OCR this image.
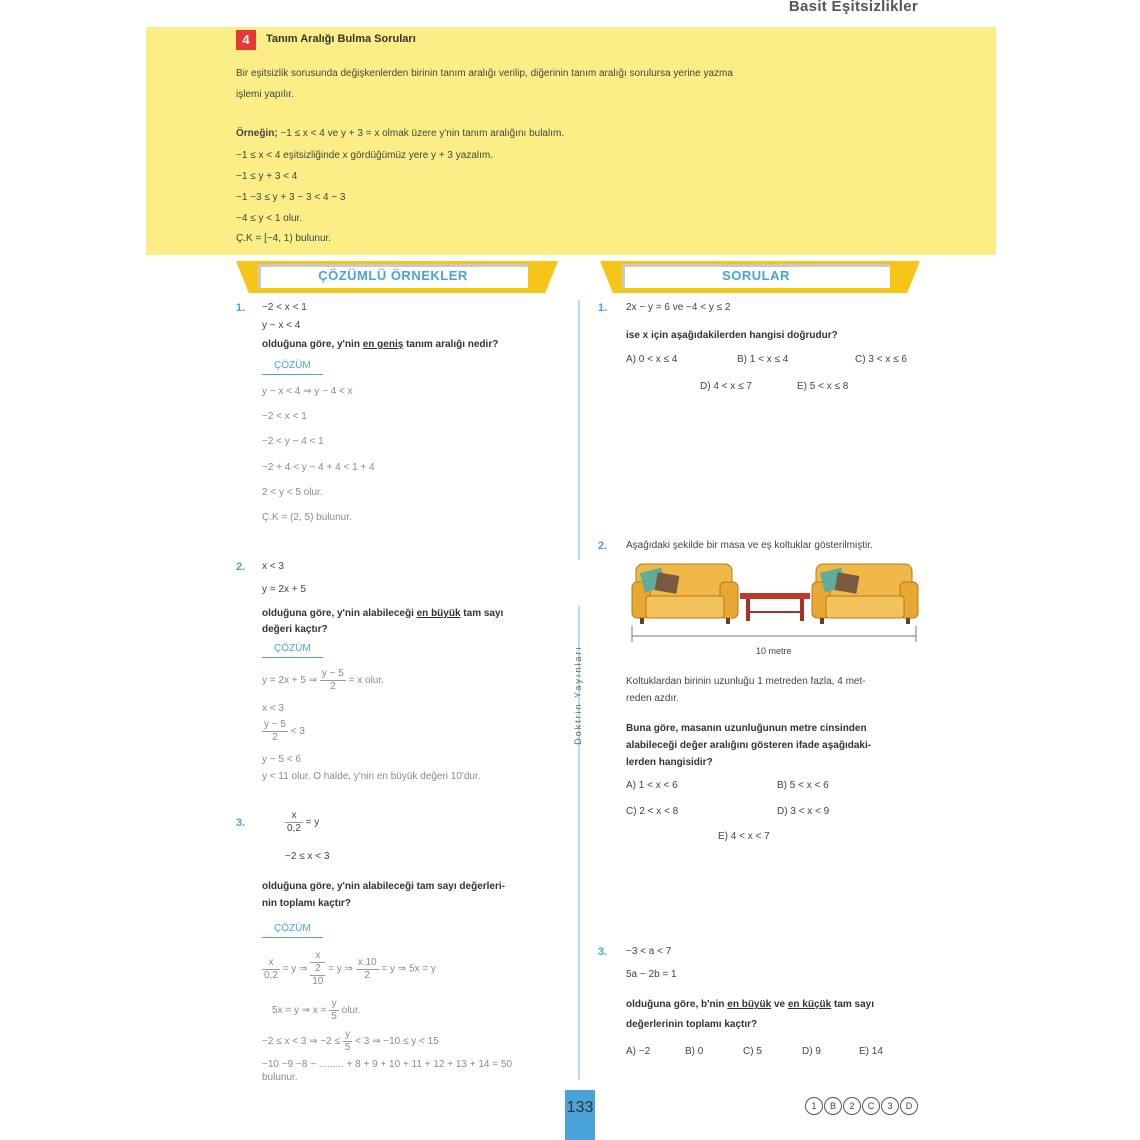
Basit Eşitsizlikler
4	Tanım Aralığı Bulma Soruları
Bir eşitsizlik sorusunda değişkenlerden birinin tanım aralığı verilip, diğerinin tanım aralığı sorulursa yerine yazma
işlemi yapılır.
Örneğin; −1 ≤ x < 4 ve y + 3 = x olmak üzere y'nin tanım aralığını bulalım.
−1 ≤ x < 4 eşitsizliğinde x gördüğümüz yere y + 3 yazalım.
−1 ≤ y + 3 < 4
−1 −3 ≤ y + 3 − 3 < 4 − 3
−4 ≤ y < 1 olur.
Ç.K = [−4, 1) bulunur.
ÇÖZÜMLÜ ÖRNEKLER	SORULAR
Doktrin Yayınları
1. −2 < x < 1
y − x < 4
olduğuna göre, y'nin en geniş tanım aralığı nedir?
ÇÖZÜM
y − x < 4 ⇒ y − 4 < x
−2 < x < 1
−2 < y − 4 < 1
−2 + 4 < y − 4 + 4 < 1 + 4
2 < y < 5 olur.
Ç.K = (2, 5) bulunur.
2. x < 3
y = 2x + 5
olduğuna göre, y'nin alabileceği en büyük tam sayı
değeri kaçtır?
ÇÖZÜM
y = 2x + 5 ⇒ $\frac{y - 5}{2} = x$ olur.
x < 3
$\frac{y - 5}{2} < 3$
y − 5 < 6
y < 11 olur. O halde, y'nin en büyük değeri 10'dur.
3.	$\frac{x}{0,2} = y$
−2 ≤ x < 3
olduğuna göre, y'nin alabileceği tam sayı değerleri-
nin toplamı kaçtır?
ÇÖZÜM
$\frac{x}{0,2} = y$ ⇒
x
2
10
= y ⇒ $\frac{x.10}{2} = y$ ⇒ 5x = y
5x = y ⇒ $x = \frac{y}{5}$ olur.
−2 ≤ x < 3 ⇒ $-2 \le \frac{y}{5} < 3$ ⇒ −10 ≤ y < 15
−10 −9 −8 − ......... + 8 + 9 + 10 + 11 + 12 + 13 + 14 = 50
bulunur.
1. 2x − y = 6 ve −4 < y ≤ 2
ise x için aşağıdakilerden hangisi doğrudur?
A) 0 < x ≤ 4	B) 1 < x ≤ 4	C) 3 < x ≤ 6
D) 4 < x ≤ 7	E) 5 < x ≤ 8
2. Aşağıdaki şekilde bir masa ve eş koltuklar gösterilmiştir.
10 metre
Koltuklardan birinin uzunluğu 1 metreden fazla, 4 met-
reden azdır.
Buna göre, masanın uzunluğunun metre cinsinden
alabileceği değer aralığını gösteren ifade aşağıdaki-
lerden hangisidir?
A) 1 < x < 6	B) 5 < x < 6
C) 2 < x < 8	D) 3 < x < 9
E) 4 < x < 7
3. −3 < a < 7
5a − 2b = 1
olduğuna göre, b'nin en büyük ve en küçük tam sayı
değerlerinin toplamı kaçtır?
A) −2	B) 0	C) 5	D) 9	E) 14
133	1	B	2	C	3	D
